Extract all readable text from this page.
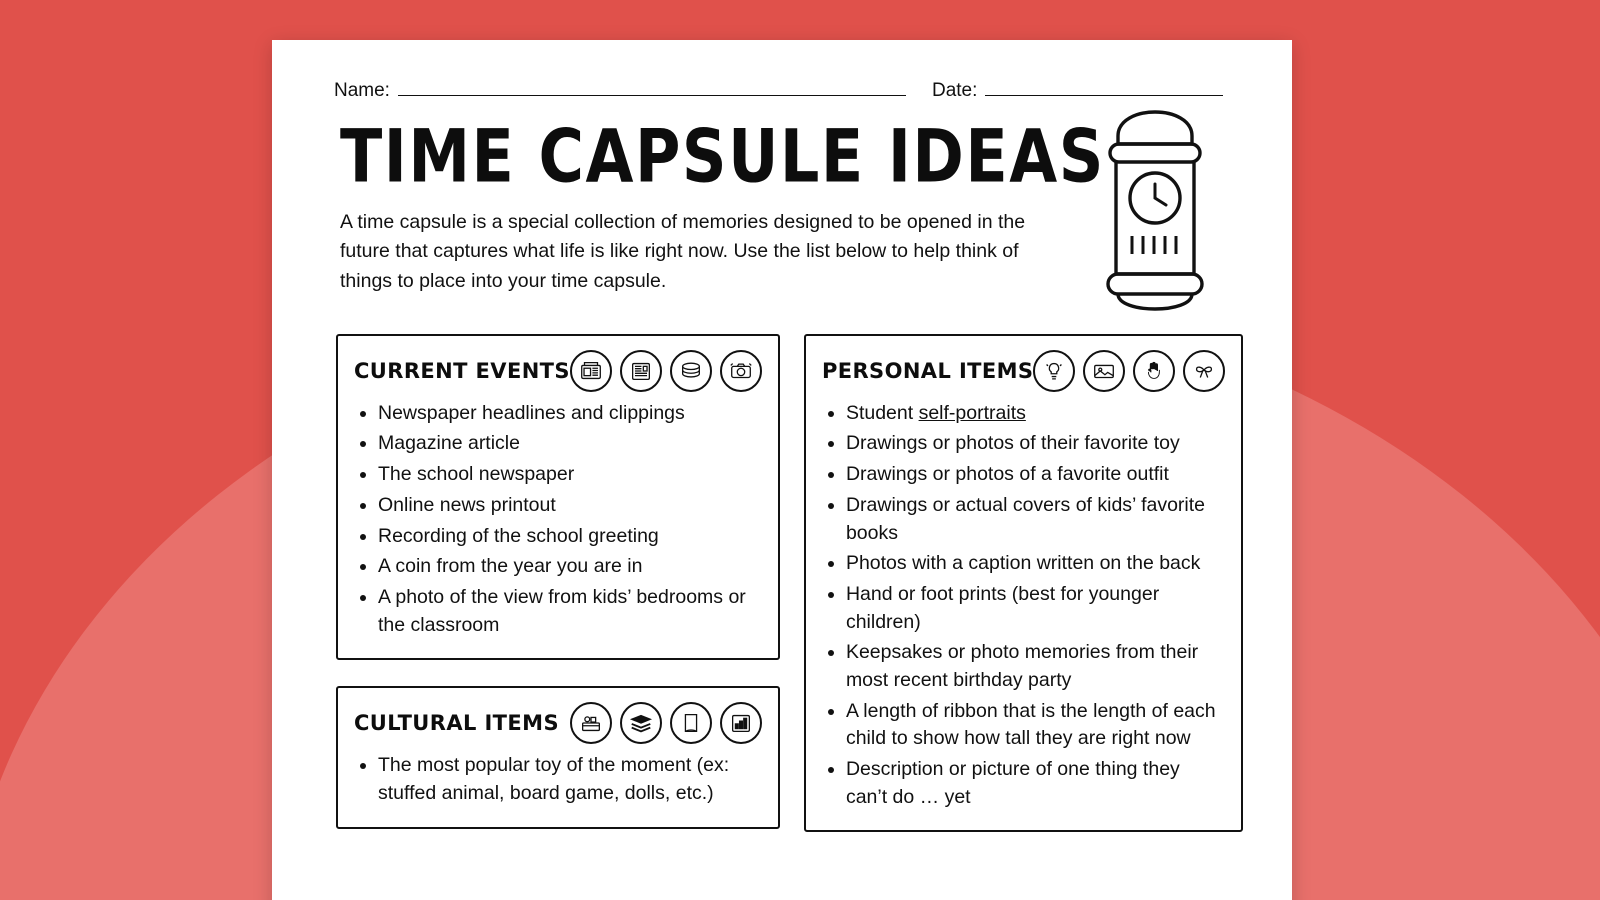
Name:	Date:
TIME CAPSULE IDEAS

A time capsule is a special collection of memories designed to be opened in the future that captures what life is like right now. Use the list below to help think of things to place into your time capsule.

CURRENT EVENTS
• Newspaper headlines and clippings
• Magazine article
• The school newspaper
• Online news printout
• Recording of the school greeting
• A coin from the year you are in
• A photo of the view from kids’ bedrooms or the classroom
CULTURAL ITEMS
• The most popular toy of the moment (ex: stuffed animal, board game, dolls, etc.)
PERSONAL ITEMS
• Student self-portraits
• Drawings or photos of their favorite toy
• Drawings or photos of a favorite outfit
• Drawings or actual covers of kids’ favorite books
• Photos with a caption written on the back
• Hand or foot prints (best for younger children)
• Keepsakes or photo memories from their most recent birthday party
• A length of ribbon that is the length of each child to show how tall they are right now
• Description or picture of one thing they can’t do … yet
